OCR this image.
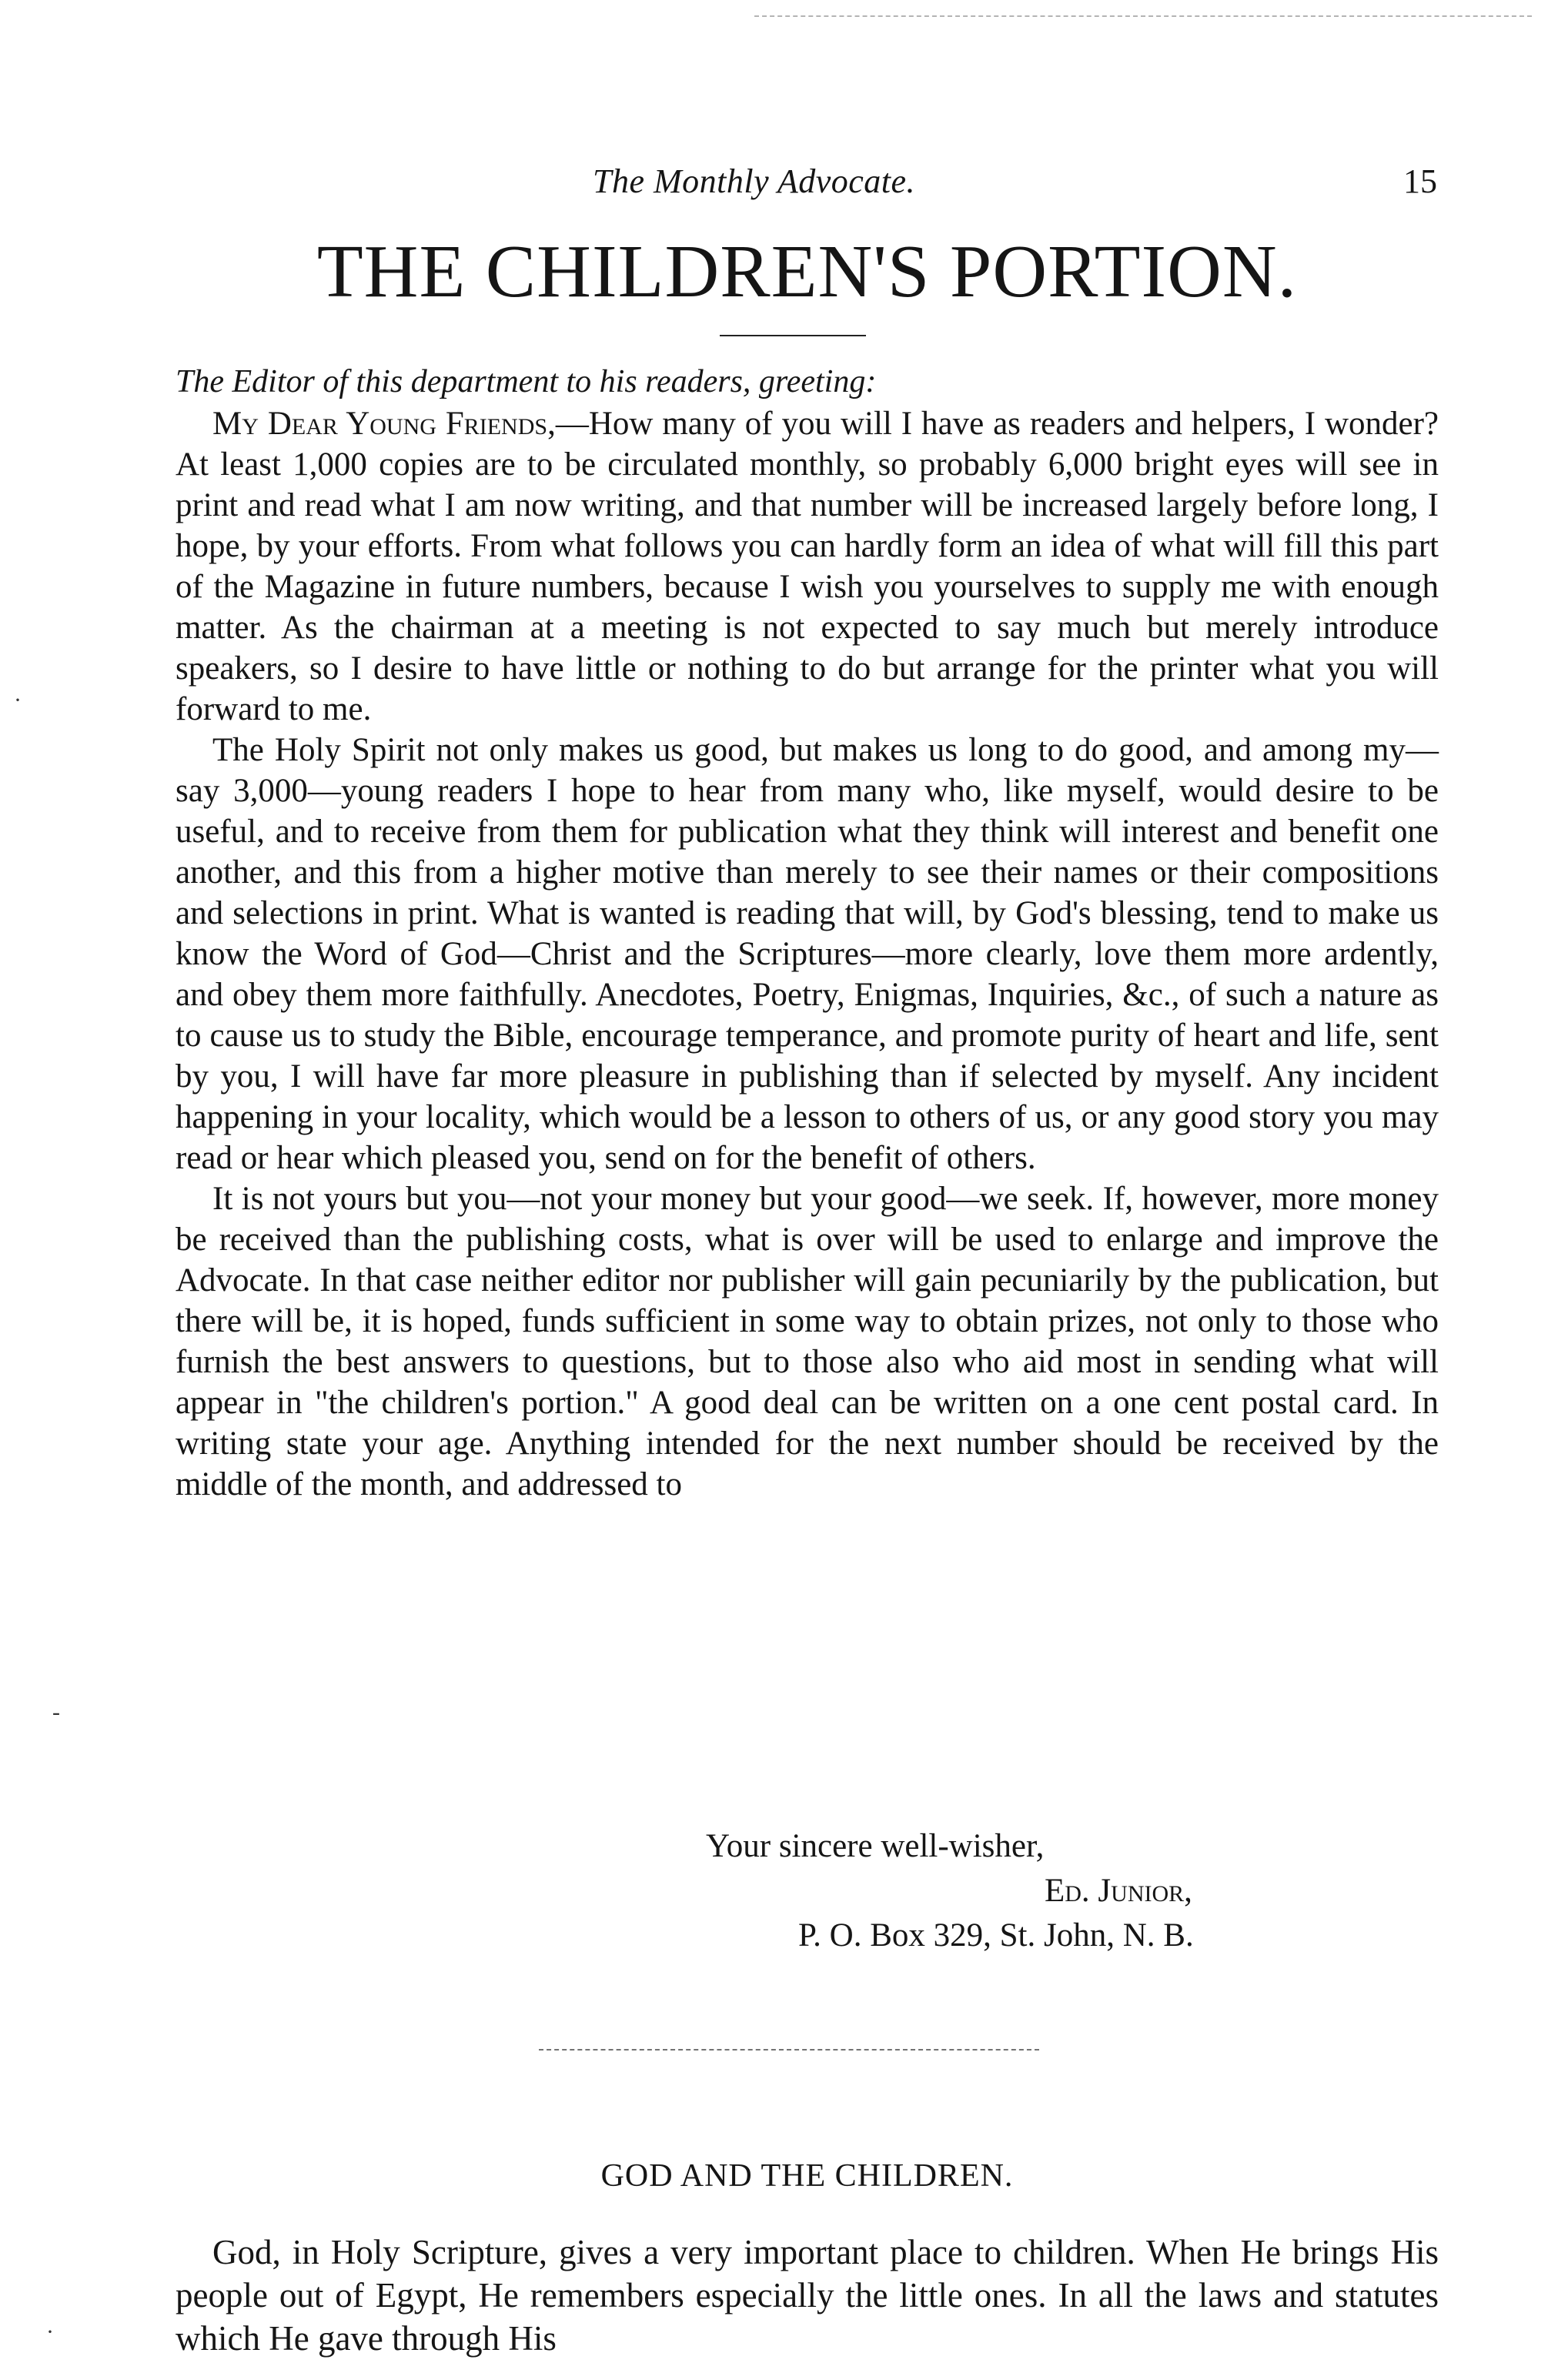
·
-
·
The Monthly Advocate.	15
THE CHILDREN'S PORTION.
The Editor of this department to his readers, greeting:

My Dear Young Friends,—How many of you will I have as readers and helpers, I wonder? At least 1,000 copies are to be circulated monthly, so probably 6,000 bright eyes will see in print and read what I am now writing, and that number will be increased largely before long, I hope, by your efforts. From what follows you can hardly form an idea of what will fill this part of the Magazine in future numbers, because I wish you yourselves to supply me with enough matter. As the chairman at a meeting is not expected to say much but merely introduce speakers, so I desire to have little or nothing to do but arrange for the printer what you will forward to me.

The Holy Spirit not only makes us good, but makes us long to do good, and among my—say 3,000—young readers I hope to hear from many who, like myself, would desire to be useful, and to receive from them for publication what they think will interest and benefit one another, and this from a higher motive than merely to see their names or their compositions and selections in print. What is wanted is reading that will, by God's blessing, tend to make us know the Word of God—Christ and the Scriptures—more clearly, love them more ardently, and obey them more faithfully. Anecdotes, Poetry, Enigmas, Inquiries, &c., of such a nature as to cause us to study the Bible, encourage temperance, and promote purity of heart and life, sent by you, I will have far more pleasure in publishing than if selected by myself. Any incident happening in your locality, which would be a lesson to others of us, or any good story you may read or hear which pleased you, send on for the benefit of others.

It is not yours but you—not your money but your good—we seek. If, however, more money be received than the publishing costs, what is over will be used to enlarge and improve the Advocate. In that case neither editor nor publisher will gain pecuniarily by the publication, but there will be, it is hoped, funds sufficient in some way to obtain prizes, not only to those who furnish the best answers to questions, but to those also who aid most in sending what will appear in "the children's portion." A good deal can be written on a one cent postal card. In writing state your age. Anything intended for the next number should be received by the middle of the month, and addressed to

Your sincere well-wisher,
Ed. Junior,
P. O. Box 329, St. John, N. B.
GOD AND THE CHILDREN.

God, in Holy Scripture, gives a very important place to children. When He brings His people out of Egypt, He remembers especially the little ones. In all the laws and statutes which He gave through His
